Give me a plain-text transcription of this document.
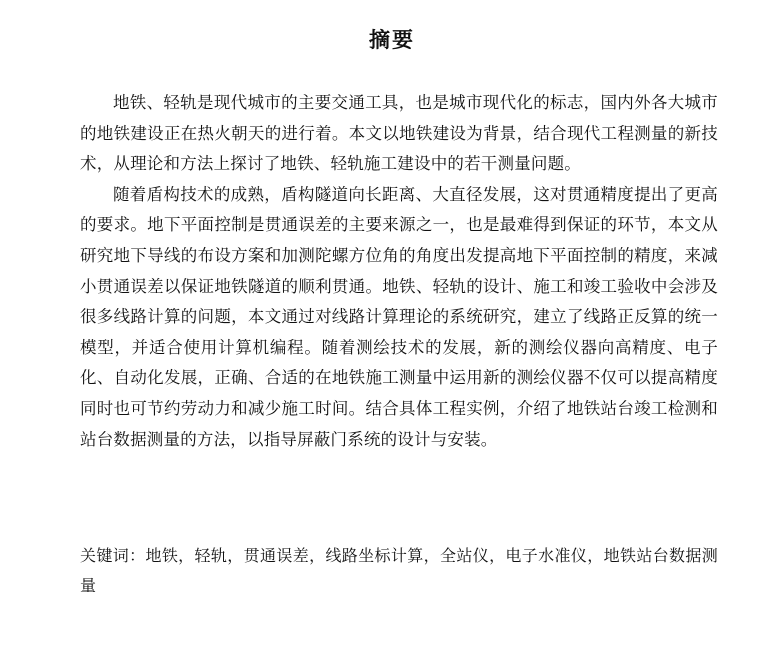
摘要

地铁、轻轨是现代城市的主要交通工具，也是城市现代化的标志，国内外各大城市的地铁建设正在热火朝天的进行着。本文以地铁建设为背景，结合现代工程测量的新技术，从理论和方法上探讨了地铁、轻轨施工建设中的若干测量问题。

随着盾构技术的成熟，盾构隧道向长距离、大直径发展，这对贯通精度提出了更高的要求。地下平面控制是贯通误差的主要来源之一，也是最难得到保证的环节，本文从研究地下导线的布设方案和加测陀螺方位角的角度出发提高地下平面控制的精度，来减小贯通误差以保证地铁隧道的顺利贯通。地铁、轻轨的设计、施工和竣工验收中会涉及很多线路计算的问题，本文通过对线路计算理论的系统研究，建立了线路正反算的统一模型，并适合使用计算机编程。随着测绘技术的发展，新的测绘仪器向高精度、电子化、自动化发展，正确、合适的在地铁施工测量中运用新的测绘仪器不仅可以提高精度同时也可节约劳动力和减少施工时间。结合具体工程实例，介绍了地铁站台竣工检测和站台数据测量的方法，以指导屏蔽门系统的设计与安装。

关键词：地铁，轻轨，贯通误差，线路坐标计算，全站仪，电子水准仪，地铁站台数据测量
